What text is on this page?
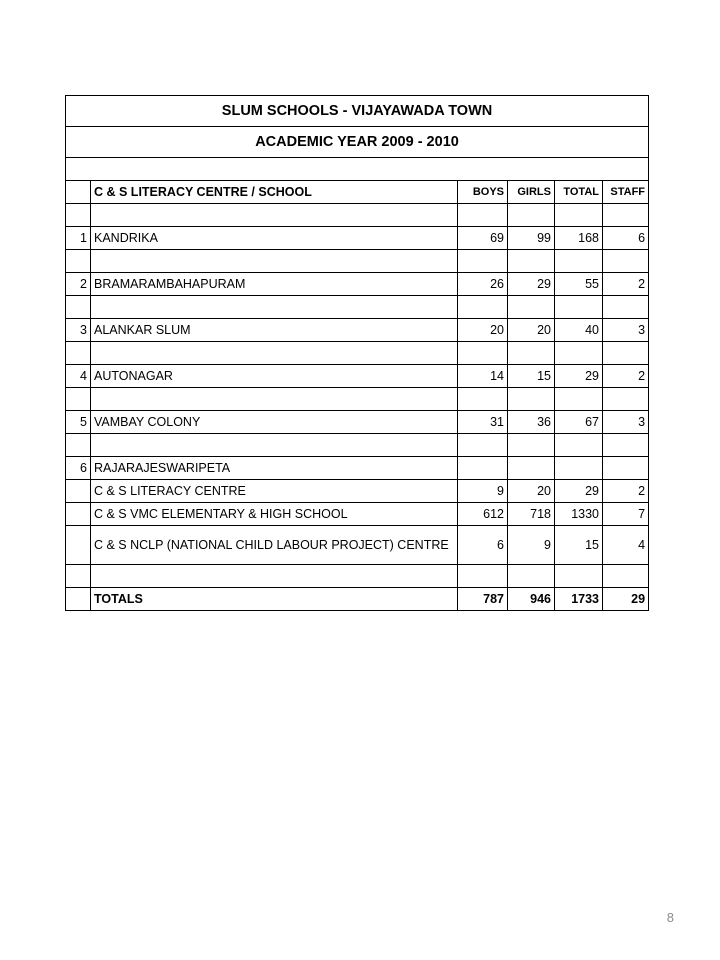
SLUM SCHOOLS - VIJAYAWADA TOWN					
ACADEMIC YEAR 2009 - 2010					

	C & S LITERACY CENTRE / SCHOOL	BOYS	GIRLS	TOTAL	STAFF

1	KANDRIKA	69	99	168	6

2	BRAMARAMBAHAPURAM	26	29	55	2

3	ALANKAR SLUM	20	20	40	3

4	AUTONAGAR	14	15	29	2

5	VAMBAY COLONY	31	36	67	3

6	RAJARAJESWARIPETA				
	C & S LITERACY CENTRE	9	20	29	2
	C & S VMC ELEMENTARY & HIGH SCHOOL	612	718	1330	7
	C & S NCLP (NATIONAL CHILD LABOUR PROJECT) CENTRE	6	9	15	4

	TOTALS	787	946	1733	29
8
